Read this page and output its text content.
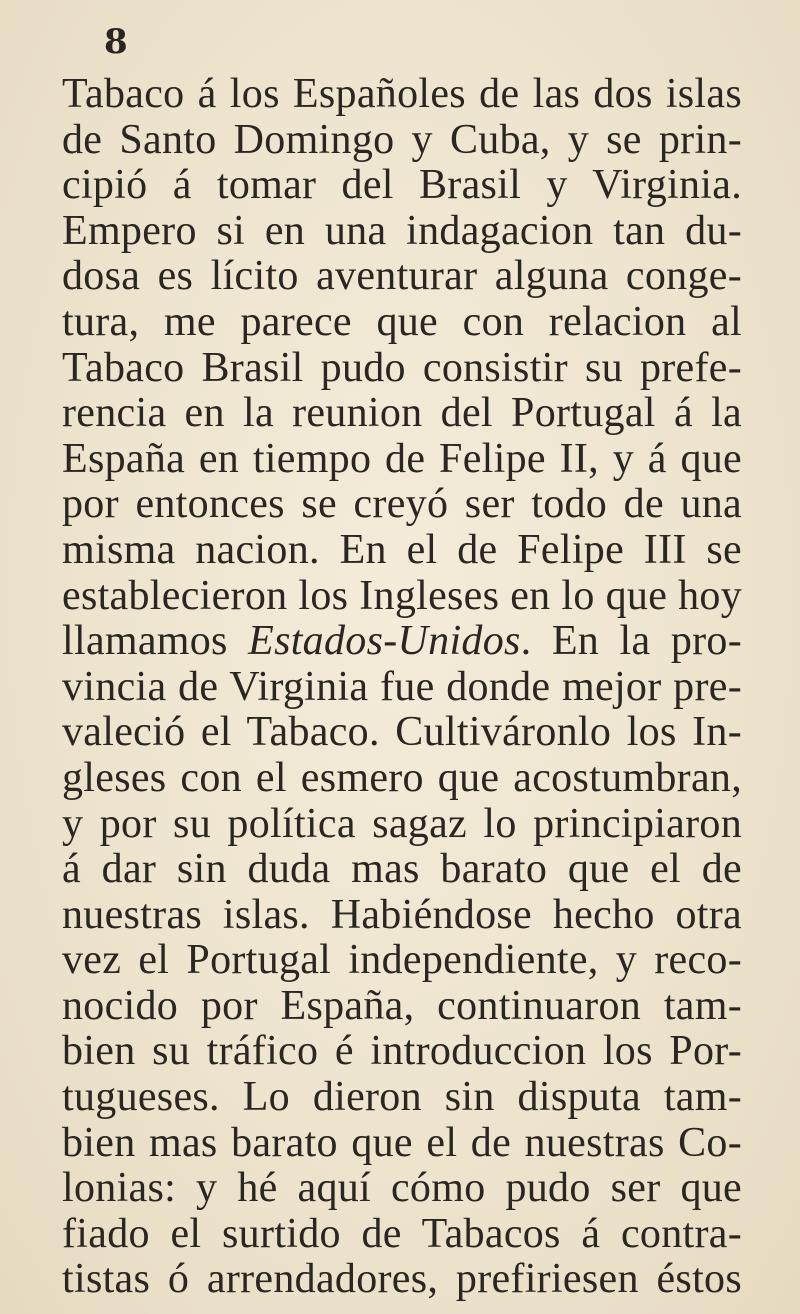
8
Tabaco á los Españoles de las dos islas
de Santo Domingo y Cuba, y se prin-
cipió á tomar del Brasil y Virginia.
Empero si en una indagacion tan du-
dosa es lícito aventurar alguna conge-
tura, me parece que con relacion al
Tabaco Brasil pudo consistir su prefe-
rencia en la reunion del Portugal á la
España en tiempo de Felipe II, y á que
por entonces se creyó ser todo de una
misma nacion. En el de Felipe III se
establecieron los Ingleses en lo que hoy
llamamos Estados-Unidos. En la pro-
vincia de Virginia fue donde mejor pre-
valeció el Tabaco. Cultiváronlo los In-
gleses con el esmero que acostumbran,
y por su política sagaz lo principiaron
á dar sin duda mas barato que el de
nuestras islas. Habiéndose hecho otra
vez el Portugal independiente, y reco-
nocido por España, continuaron tam-
bien su tráfico é introduccion los Por-
tugueses. Lo dieron sin disputa tam-
bien mas barato que el de nuestras Co-
lonias: y hé aquí cómo pudo ser que
fiado el surtido de Tabacos á contra-
tistas ó arrendadores, prefiriesen éstos
